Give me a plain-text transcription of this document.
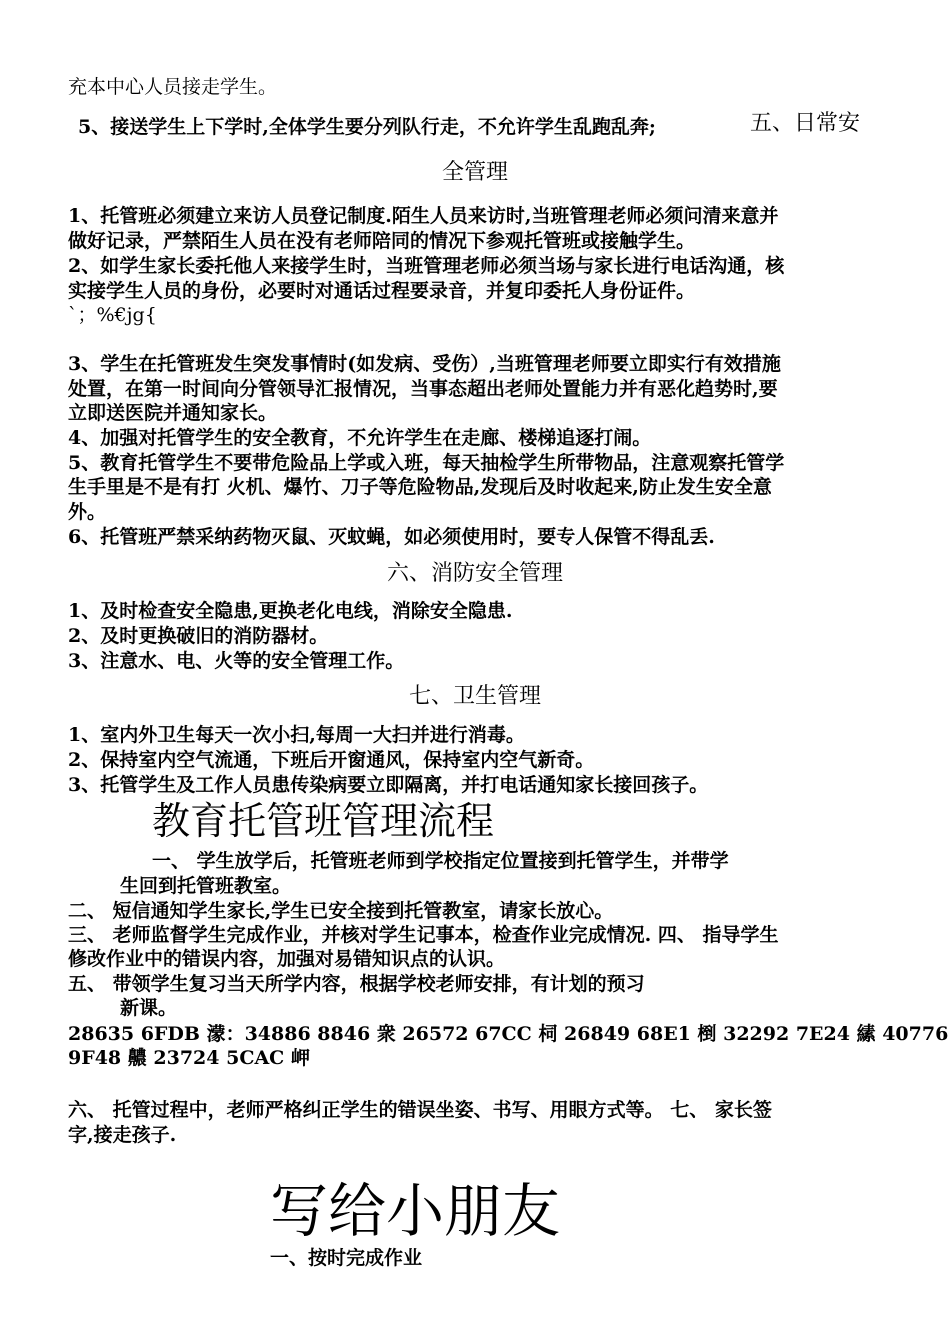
充本中心人员接走学生。
5、接送学生上下学时,全体学生要分列队行走，不允许学生乱跑乱奔;	五、日常安
全管理
1、托管班必须建立来访人员登记制度.陌生人员来访时,当班管理老师必须问清来意并
做好记录，严禁陌生人员在没有老师陪同的情况下参观托管班或接触学生。
2、如学生家长委托他人来接学生时，当班管理老师必须当场与家长进行电话沟通，核
实接学生人员的身份，必要时对通话过程要录音，并复印委托人身份证件。
`；%€jg{
3、学生在托管班发生突发事情时(如发病、受伤）,当班管理老师要立即实行有效措施
处置，在第一时间向分管领导汇报情况，当事态超出老师处置能力并有恶化趋势时,要
立即送医院并通知家长。
4、加强对托管学生的安全教育，不允许学生在走廊、楼梯追逐打闹。
5、教育托管学生不要带危险品上学或入班，每天抽检学生所带物品，注意观察托管学
生手里是不是有打 火机、爆竹、刀子等危险物品,发现后及时收起来,防止发生安全意
外。
6、托管班严禁采纳药物灭鼠、灭蚊蝇，如必须使用时，要专人保管不得乱丢.
六、消防安全管理
1、及时检查安全隐患,更换老化电线，消除安全隐患.
2、及时更换破旧的消防器材。
3、注意水、电、火等的安全管理工作。
七、卫生管理
1、室内外卫生每天一次小扫,每周一大扫并进行消毒。
2、保持室内空气流通，下班后开窗通风，保持室内空气新奇。
3、托管学生及工作人员患传染病要立即隔离，并打电话通知家长接回孩子。
教育托管班管理流程
一、 学生放学后，托管班老师到学校指定位置接到托管学生，并带学
生回到托管班教室。
二、 短信通知学生家长,学生已安全接到托管教室，请家长放心。
三、 老师监督学生完成作业，并核对学生记事本，检查作业完成情况. 四、 指导学生
修改作业中的错误内容，加强对易错知识点的认识。
五、 带领学生复习当天所学内容，根据学校老师安排，有计划的预习
新课。
28635 6FDB 濛：34886 8846 衆 26572 67CC 柌 26849 68E1 椡 32292 7E24 縤 40776
9F48 齈 23724 5CAC 岬
六、 托管过程中，老师严格纠正学生的错误坐姿、书写、用眼方式等。 七、 家长签
字,接走孩子.
写给小朋友
一、按时完成作业
